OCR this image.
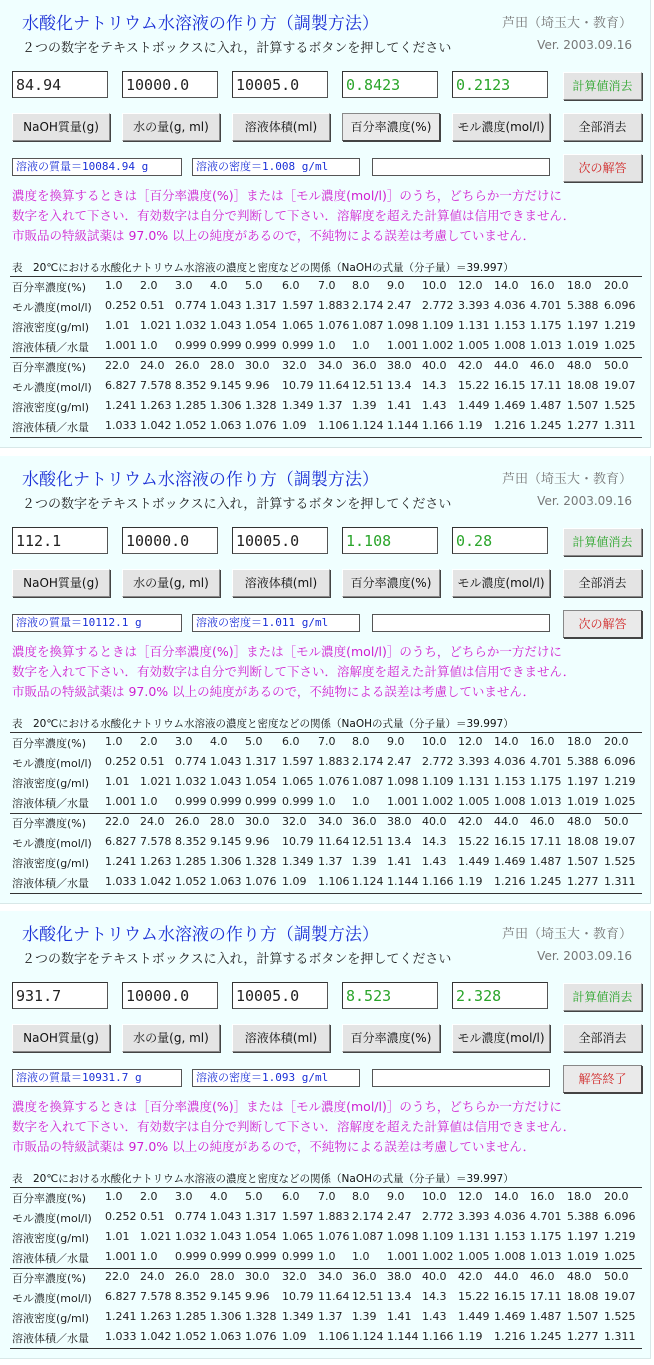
水酸化ナトリウム水溶液の作り方（調製方法）	芦田（埼玉大・教育）
２つの数字をテキストボックスに入れ，計算するボタンを押してください	Ver. 2003.09.16
84.94	10000.0	10005.0	0.8423	0.2123	計算値消去
NaOH質量(g)	水の量(g, ml)	溶液体積(ml)	百分率濃度(%)	モル濃度(mol/l)	全部消去
溶液の質量＝10084.94 g	溶液の密度＝1.008 g/ml	次の解答
濃度を換算するときは［百分率濃度(%)］または［モル濃度(mol/l)］のうち，どちらか一方だけに
数字を入れて下さい．有効数字は自分で判断して下さい．溶解度を超えた計算値は信用できません．
市販品の特級試薬は 97.0% 以上の純度があるので，不純物による誤差は考慮していません．
表　20℃における水酸化ナトリウム水溶液の濃度と密度などの関係（NaOHの式量（分子量）＝39.997）
百分率濃度(%) 1.0 2.0 3.0 4.0 5.0 6.0 7.0 8.0 9.0 10.0 12.0 14.0 16.0 18.0 20.0
モル濃度(mol/l) 0.252 0.51 0.774 1.043 1.317 1.597 1.883 2.174 2.47 2.772 3.393 4.036 4.701 5.388 6.096
溶液密度(g/ml) 1.01 1.021 1.032 1.043 1.054 1.065 1.076 1.087 1.098 1.109 1.131 1.153 1.175 1.197 1.219
溶液体積／水量 1.001 1.0 0.999 0.999 0.999 0.999 1.0 1.0 1.001 1.002 1.005 1.008 1.013 1.019 1.025
百分率濃度(%) 22.0 24.0 26.0 28.0 30.0 32.0 34.0 36.0 38.0 40.0 42.0 44.0 46.0 48.0 50.0
モル濃度(mol/l) 6.827 7.578 8.352 9.145 9.96 10.79 11.64 12.51 13.4 14.3 15.22 16.15 17.11 18.08 19.07
溶液密度(g/ml) 1.241 1.263 1.285 1.306 1.328 1.349 1.37 1.39 1.41 1.43 1.449 1.469 1.487 1.507 1.525
溶液体積／水量 1.033 1.042 1.052 1.063 1.076 1.09 1.106 1.124 1.144 1.166 1.19 1.216 1.245 1.277 1.311
水酸化ナトリウム水溶液の作り方（調製方法）	芦田（埼玉大・教育）
２つの数字をテキストボックスに入れ，計算するボタンを押してください	Ver. 2003.09.16
112.1	10000.0	10005.0	1.108	0.28	計算値消去
NaOH質量(g)	水の量(g, ml)	溶液体積(ml)	百分率濃度(%)	モル濃度(mol/l)	全部消去
溶液の質量＝10112.1 g	溶液の密度＝1.011 g/ml	次の解答
濃度を換算するときは［百分率濃度(%)］または［モル濃度(mol/l)］のうち，どちらか一方だけに
数字を入れて下さい．有効数字は自分で判断して下さい．溶解度を超えた計算値は信用できません．
市販品の特級試薬は 97.0% 以上の純度があるので，不純物による誤差は考慮していません．
表　20℃における水酸化ナトリウム水溶液の濃度と密度などの関係（NaOHの式量（分子量）＝39.997）
百分率濃度(%) 1.0 2.0 3.0 4.0 5.0 6.0 7.0 8.0 9.0 10.0 12.0 14.0 16.0 18.0 20.0
モル濃度(mol/l) 0.252 0.51 0.774 1.043 1.317 1.597 1.883 2.174 2.47 2.772 3.393 4.036 4.701 5.388 6.096
溶液密度(g/ml) 1.01 1.021 1.032 1.043 1.054 1.065 1.076 1.087 1.098 1.109 1.131 1.153 1.175 1.197 1.219
溶液体積／水量 1.001 1.0 0.999 0.999 0.999 0.999 1.0 1.0 1.001 1.002 1.005 1.008 1.013 1.019 1.025
百分率濃度(%) 22.0 24.0 26.0 28.0 30.0 32.0 34.0 36.0 38.0 40.0 42.0 44.0 46.0 48.0 50.0
モル濃度(mol/l) 6.827 7.578 8.352 9.145 9.96 10.79 11.64 12.51 13.4 14.3 15.22 16.15 17.11 18.08 19.07
溶液密度(g/ml) 1.241 1.263 1.285 1.306 1.328 1.349 1.37 1.39 1.41 1.43 1.449 1.469 1.487 1.507 1.525
溶液体積／水量 1.033 1.042 1.052 1.063 1.076 1.09 1.106 1.124 1.144 1.166 1.19 1.216 1.245 1.277 1.311
水酸化ナトリウム水溶液の作り方（調製方法）	芦田（埼玉大・教育）
２つの数字をテキストボックスに入れ，計算するボタンを押してください	Ver. 2003.09.16
931.7	10000.0	10005.0	8.523	2.328	計算値消去
NaOH質量(g)	水の量(g, ml)	溶液体積(ml)	百分率濃度(%)	モル濃度(mol/l)	全部消去
溶液の質量＝10931.7 g	溶液の密度＝1.093 g/ml	解答終了
濃度を換算するときは［百分率濃度(%)］または［モル濃度(mol/l)］のうち，どちらか一方だけに
数字を入れて下さい．有効数字は自分で判断して下さい．溶解度を超えた計算値は信用できません．
市販品の特級試薬は 97.0% 以上の純度があるので，不純物による誤差は考慮していません．
表　20℃における水酸化ナトリウム水溶液の濃度と密度などの関係（NaOHの式量（分子量）＝39.997）
百分率濃度(%) 1.0 2.0 3.0 4.0 5.0 6.0 7.0 8.0 9.0 10.0 12.0 14.0 16.0 18.0 20.0
モル濃度(mol/l) 0.252 0.51 0.774 1.043 1.317 1.597 1.883 2.174 2.47 2.772 3.393 4.036 4.701 5.388 6.096
溶液密度(g/ml) 1.01 1.021 1.032 1.043 1.054 1.065 1.076 1.087 1.098 1.109 1.131 1.153 1.175 1.197 1.219
溶液体積／水量 1.001 1.0 0.999 0.999 0.999 0.999 1.0 1.0 1.001 1.002 1.005 1.008 1.013 1.019 1.025
百分率濃度(%) 22.0 24.0 26.0 28.0 30.0 32.0 34.0 36.0 38.0 40.0 42.0 44.0 46.0 48.0 50.0
モル濃度(mol/l) 6.827 7.578 8.352 9.145 9.96 10.79 11.64 12.51 13.4 14.3 15.22 16.15 17.11 18.08 19.07
溶液密度(g/ml) 1.241 1.263 1.285 1.306 1.328 1.349 1.37 1.39 1.41 1.43 1.449 1.469 1.487 1.507 1.525
溶液体積／水量 1.033 1.042 1.052 1.063 1.076 1.09 1.106 1.124 1.144 1.166 1.19 1.216 1.245 1.277 1.311
